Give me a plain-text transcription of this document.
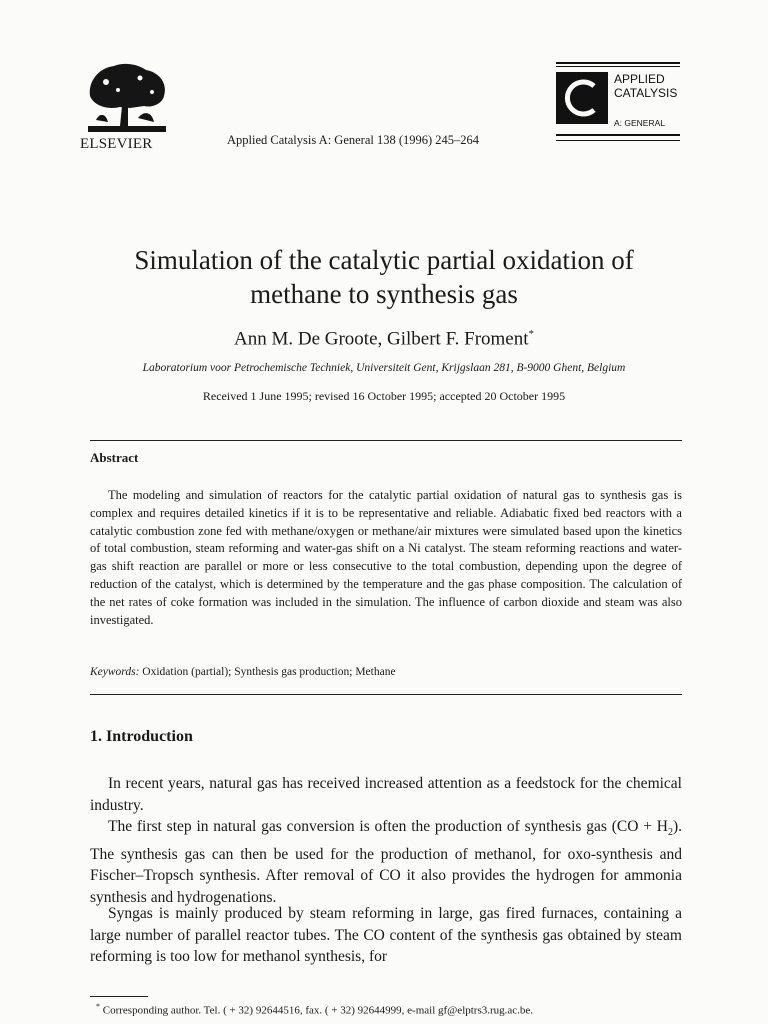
ELSEVIER	Applied Catalysis A: General 138 (1996) 245–264
APPLIED
CATALYSIS
A: GENERAL
Simulation of the catalytic partial oxidation of
methane to synthesis gas
Ann M. De Groote, Gilbert F. Froment*
Laboratorium voor Petrochemische Techniek, Universiteit Gent, Krijgslaan 281, B-9000 Ghent, Belgium
Received 1 June 1995; revised 16 October 1995; accepted 20 October 1995
Abstract
The modeling and simulation of reactors for the catalytic partial oxidation of natural gas to synthesis gas is complex and requires detailed kinetics if it is to be representative and reliable. Adiabatic fixed bed reactors with a catalytic combustion zone fed with methane/oxygen or methane/air mixtures were simulated based upon the kinetics of total combustion, steam reforming and water-gas shift on a Ni catalyst. The steam reforming reactions and water-gas shift reaction are parallel or more or less consecutive to the total combustion, depending upon the degree of reduction of the catalyst, which is determined by the temperature and the gas phase composition. The calculation of the net rates of coke formation was included in the simulation. The influence of carbon dioxide and steam was also investigated.
Keywords: Oxidation (partial); Synthesis gas production; Methane
1. Introduction
In recent years, natural gas has received increased attention as a feedstock for the chemical industry.
The first step in natural gas conversion is often the production of synthesis gas $(CO + H_2)$. The synthesis gas can then be used for the production of methanol, for oxo-synthesis and Fischer–Tropsch synthesis. After removal of CO it also provides the hydrogen for ammonia synthesis and hydrogenations.
Syngas is mainly produced by steam reforming in large, gas fired furnaces, containing a large number of parallel reactor tubes. The CO content of the synthesis gas obtained by steam reforming is too low for methanol synthesis, for
* Corresponding author. Tel. ( + 32) 92644516, fax. ( + 32) 92644999, e-mail gf@elptrs3.rug.ac.be.
